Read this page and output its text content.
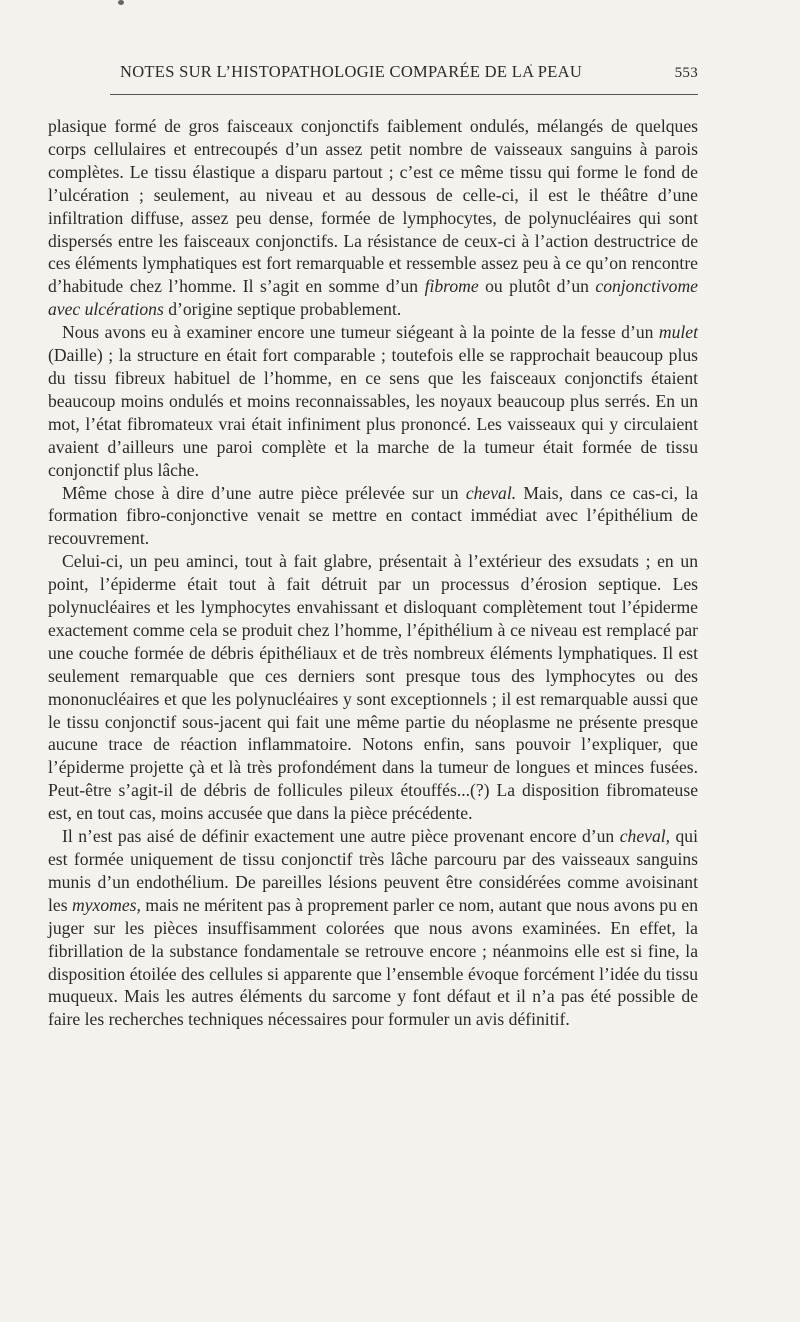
NOTES SUR L’HISTOPATHOLOGIE COMPARÉE DE LA PEAU	553

plasique formé de gros faisceaux conjonctifs faiblement ondulés, mélangés de quelques corps cellulaires et entrecoupés d’un assez petit nombre de vaisseaux sanguins à parois complètes. Le tissu élastique a disparu partout ; c’est ce même tissu qui forme le fond de l’ulcération ; seulement, au niveau et au dessous de celle-ci, il est le théâtre d’une infiltration diffuse, assez peu dense, formée de lymphocytes, de polynucléaires qui sont dispersés entre les faisceaux conjonctifs. La résistance de ceux-ci à l’action destructrice de ces éléments lymphatiques est fort remarquable et ressemble assez peu à ce qu’on rencontre d’habitude chez l’homme. Il s’agit en somme d’un fibrome ou plutôt d’un conjonctivome avec ulcérations d’origine septique probablement.

Nous avons eu à examiner encore une tumeur siégeant à la pointe de la fesse d’un mulet (Daille) ; la structure en était fort comparable ; toutefois elle se rapprochait beaucoup plus du tissu fibreux habituel de l’homme, en ce sens que les faisceaux conjonctifs étaient beaucoup moins ondulés et moins reconnaissables, les noyaux beaucoup plus serrés. En un mot, l’état fibromateux vrai était infiniment plus prononcé. Les vaisseaux qui y circulaient avaient d’ailleurs une paroi complète et la marche de la tumeur était formée de tissu conjonctif plus lâche.

Même chose à dire d’une autre pièce prélevée sur un cheval. Mais, dans ce cas-ci, la formation fibro-conjonctive venait se mettre en contact immédiat avec l’épithélium de recouvrement.

Celui-ci, un peu aminci, tout à fait glabre, présentait à l’extérieur des exsudats ; en un point, l’épiderme était tout à fait détruit par un processus d’érosion septique. Les polynucléaires et les lymphocytes envahissant et disloquant complètement tout l’épiderme exactement comme cela se produit chez l’homme, l’épithélium à ce niveau est remplacé par une couche formée de débris épithéliaux et de très nombreux éléments lymphatiques. Il est seulement remarquable que ces derniers sont presque tous des lymphocytes ou des mononucléaires et que les polynucléaires y sont exceptionnels ; il est remarquable aussi que le tissu conjonctif sous-jacent qui fait une même partie du néoplasme ne présente presque aucune trace de réaction inflammatoire. Notons enfin, sans pouvoir l’expliquer, que l’épiderme projette çà et là très profondément dans la tumeur de longues et minces fusées. Peut-être s’agit-il de débris de follicules pileux étouffés...(?) La disposition fibromateuse est, en tout cas, moins accusée que dans la pièce précédente.

Il n’est pas aisé de définir exactement une autre pièce provenant encore d’un cheval, qui est formée uniquement de tissu conjonctif très lâche parcouru par des vaisseaux sanguins munis d’un endothélium. De pareilles lésions peuvent être considérées comme avoisinant les myxomes, mais ne méritent pas à proprement parler ce nom, autant que nous avons pu en juger sur les pièces insuffisamment colorées que nous avons examinées. En effet, la fibrillation de la substance fondamentale se retrouve encore ; néanmoins elle est si fine, la disposition étoilée des cellules si apparente que l’ensemble évoque forcément l’idée du tissu muqueux. Mais les autres éléments du sarcome y font défaut et il n’a pas été possible de faire les recherches techniques nécessaires pour formuler un avis définitif.
